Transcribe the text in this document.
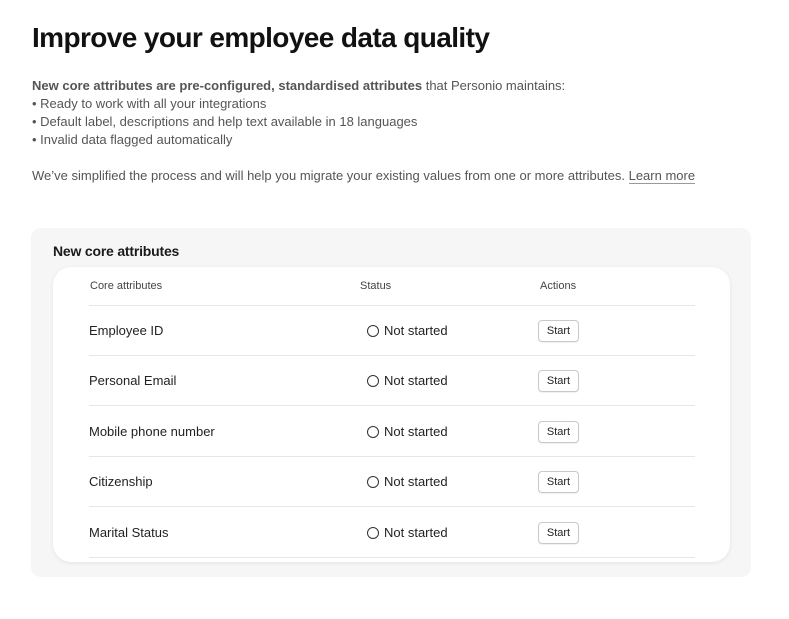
Improve your employee data quality
New core attributes are pre-configured, standardised attributes that Personio maintains:
• Ready to work with all your integrations
• Default label, descriptions and help text available in 18 languages
• Invalid data flagged automatically
We’ve simplified the process and will help you migrate your existing values from one or more attributes. Learn more
New core attributes
Core attributes	Status	Actions
Employee ID	Not started	Start
Personal Email	Not started	Start
Mobile phone number	Not started	Start
Citizenship	Not started	Start
Marital Status	Not started	Start
